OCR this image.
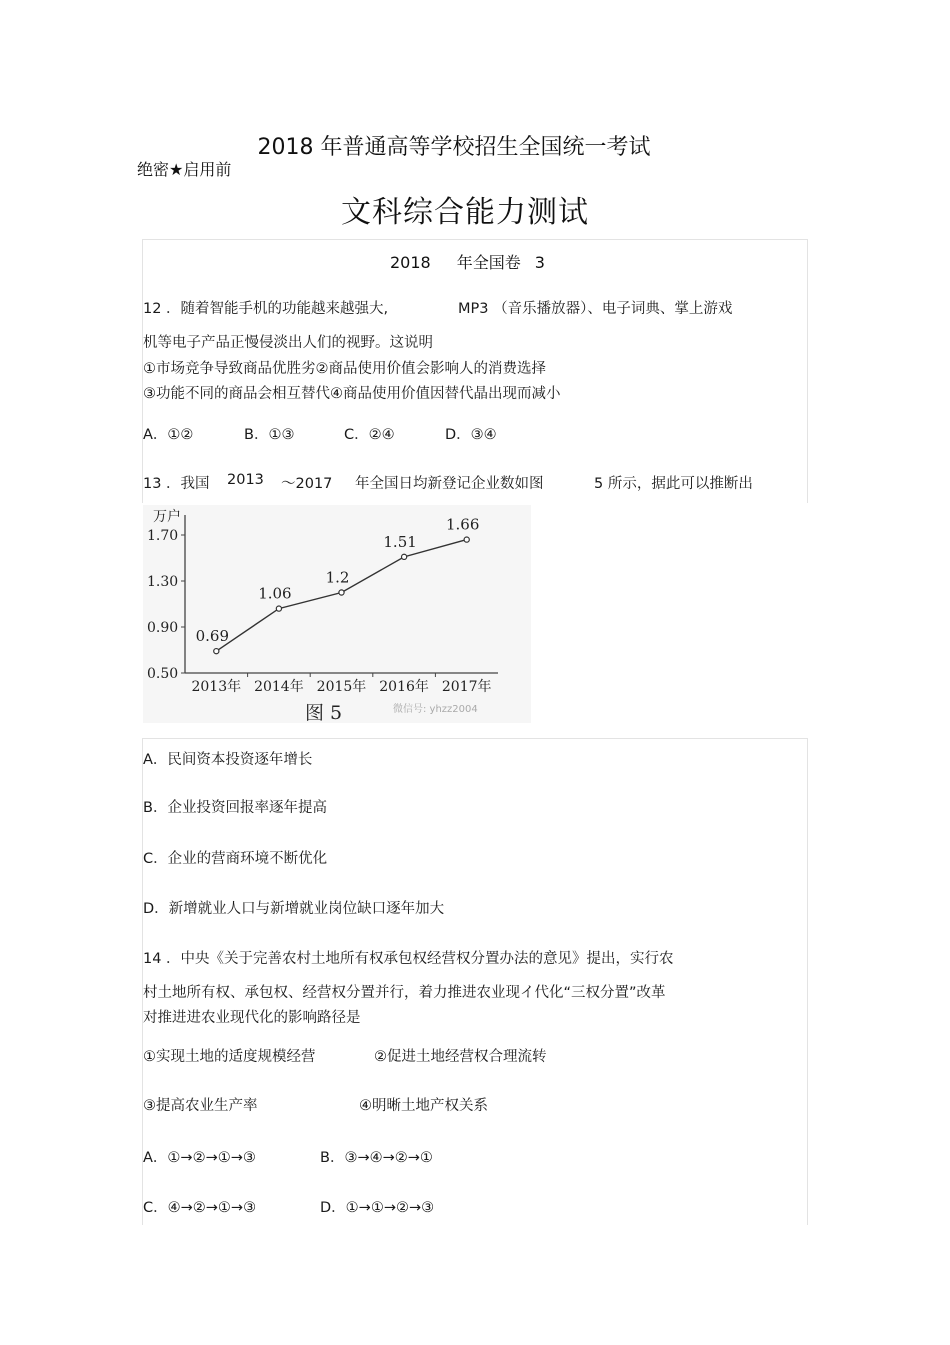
2018 年普通高等学校招生全国统一考试
绝密★启用前
文科综合能力测试
2018 年全国卷 3
12 ．随着智能手机的功能越来越强大,	MP3 （音乐播放器）、电子词典、掌上游戏
机等电子产品正慢侵淡出人们的视野。这说明
①市场竞争导致商品优胜劣②商品使用价值会影响人的消费选择
③功能不同的商品会相互替代④商品使用价值因替代晶出现而减小
A．①②	B．①③	C．②④	D．③④
13 ．我国 2013 ～2017 年全国日均新登记企业数如图	5 所示，据此可以推断出
万户
1.70
1.30
0.90
0.50
2013年 2014年 2015年 2016年 2017年
0.69
1.06
1.2
1.51
1.66
图 5	微信号: yhzz2004
A．民间资本投资逐年增长
B．企业投资回报率逐年提高
C．企业的营商环境不断优化
D．新增就业人口与新增就业岗位缺口逐年加大
14 ．中央《关于完善农村土地所有权承包权经营权分置办法的意见》提出，实行农
村土地所有权、承包权、经营权分置并行，着力推进农业现イ代化“三权分置”改革
对推进进农业现代化的影响路径是
①实现土地的适度规模经营	②促进土地经营权合理流转
③提高农业生产率	④明晰土地产权关系
A．①→②→①→③	B．③→④→②→①
C．④→②→①→③	D．①→①→②→③
